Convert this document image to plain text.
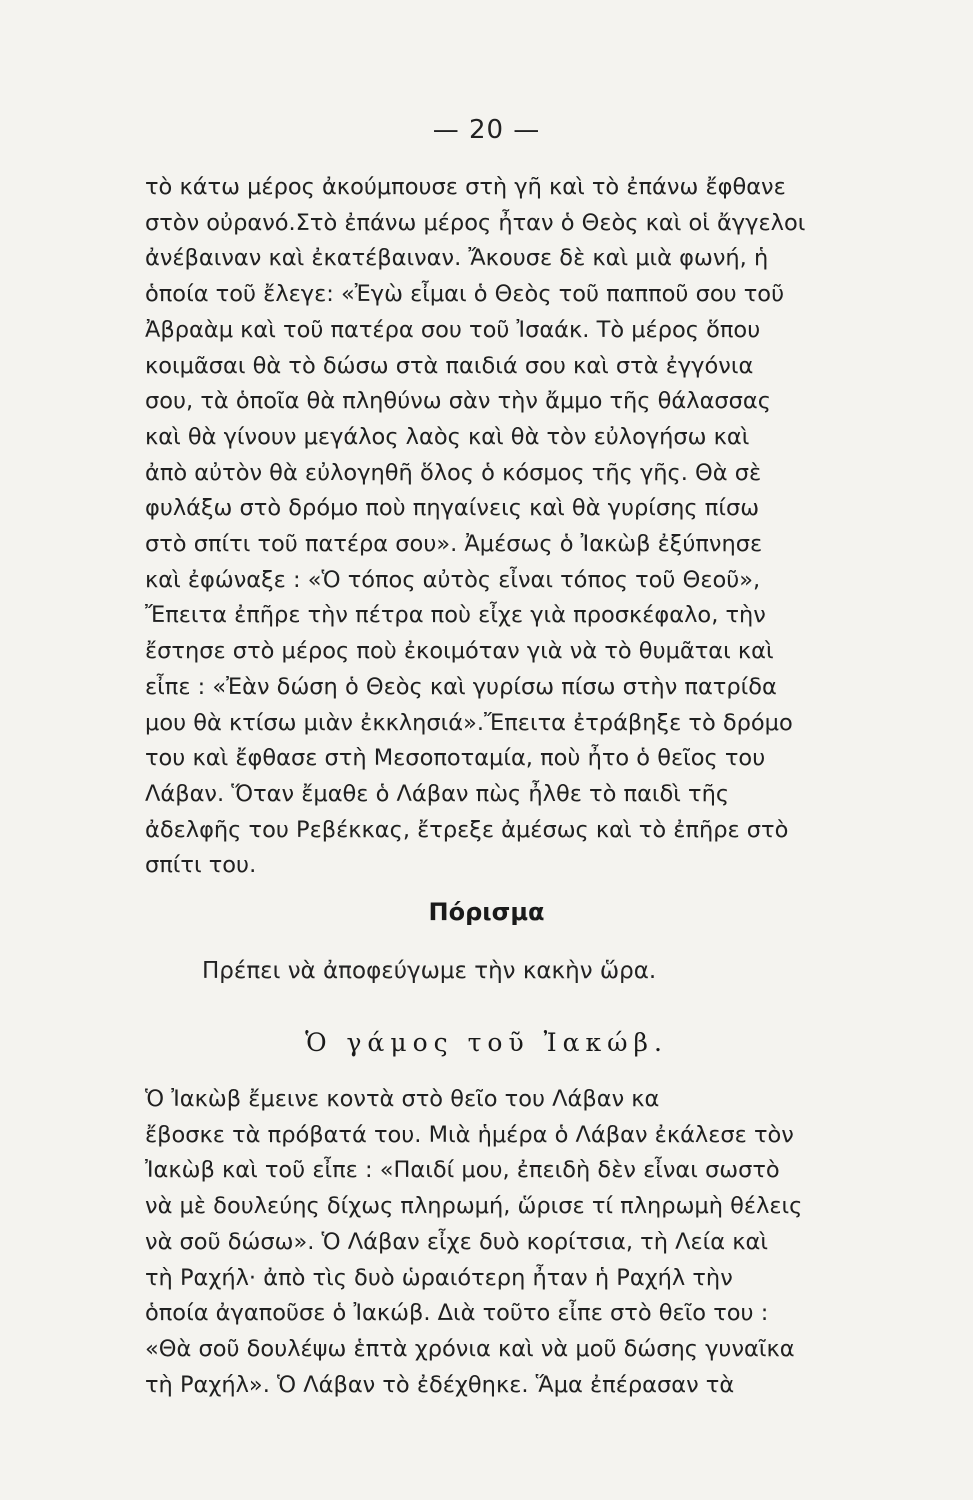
— 20 —

τὸ κάτω μέρος ἀκούμπουσε στὴ γῆ καὶ τὸ ἐπάνω ἔφθανε
στὸν οὐρανό.Στὸ ἐπάνω μέρος ἦταν ὁ Θεὸς καὶ οἱ ἄγγελοι
ἀνέβαιναν καὶ ἐκατέβαιναν. Ἄκουσε δὲ καὶ μιὰ φωνή, ἡ
ὁποία τοῦ ἔλεγε: «Ἐγὼ εἶμαι ὁ Θεὸς τοῦ παπποῦ σου τοῦ
Ἀβραὰμ καὶ τοῦ πατέρα σου τοῦ Ἰσαάκ. Τὸ μέρος ὅπου
κοιμᾶσαι θὰ τὸ δώσω στὰ παιδιά σου καὶ στὰ ἐγγόνια
σου, τὰ ὁποῖα θὰ πληθύνω σὰν τὴν ἄμμο τῆς θάλασσας
καὶ θὰ γίνουν μεγάλος λαὸς καὶ θὰ τὸν εὐλογήσω καὶ
ἀπὸ αὐτὸν θὰ εὐλογηθῆ ὅλος ὁ κόσμος τῆς γῆς. Θὰ σὲ
φυλάξω στὸ δρόμο ποὺ πηγαίνεις καὶ θὰ γυρίσης πίσω
στὸ σπίτι τοῦ πατέρα σου». Ἀμέσως ὁ Ἰακὼβ ἐξύπνησε
καὶ ἐφώναξε : «Ὁ τόπος αὐτὸς εἶναι τόπος τοῦ Θεοῦ»,
Ἔπειτα ἐπῆρε τὴν πέτρα ποὺ εἶχε γιὰ προσκέφαλο, τὴν
ἔστησε στὸ μέρος ποὺ ἐκοιμόταν γιὰ νὰ τὸ θυμᾶται καὶ
εἶπε : «Ἐὰν δώση ὁ Θεὸς καὶ γυρίσω πίσω στὴν πατρίδα
μου θὰ κτίσω μιὰν ἐκκλησιά».Ἔπειτα ἐτράβηξε τὸ δρόμο
του καὶ ἔφθασε στὴ Μεσοποταμία, ποὺ ἦτο ὁ θεῖος του
Λάβαν. Ὅταν ἔμαθε ὁ Λάβαν πὼς ἦλθε τὸ παιδὶ τῆς
ἀδελφῆς του Ρεβέκκας, ἔτρεξε ἀμέσως καὶ τὸ ἐπῆρε στὸ
σπίτι του.

Πόρισμα
Πρέπει νὰ ἀποφεύγωμε τὴν κακὴν ὥρα.
Ὁ γάμος τοῦ Ἰακώβ.

Ὁ Ἰακὼβ ἔμεινε κοντὰ στὸ θεῖο του Λάβαν κα
ἔβοσκε τὰ πρόβατά του. Μιὰ ἡμέρα ὁ Λάβαν ἐκάλεσε τὸν
Ἰακὼβ καὶ τοῦ εἶπε : «Παιδί μου, ἐπειδὴ δὲν εἶναι σωστὸ
νὰ μὲ δουλεύης δίχως πληρωμή, ὥρισε τί πληρωμὴ θέλεις
νὰ σοῦ δώσω». Ὁ Λάβαν εἶχε δυὸ κορίτσια, τὴ Λεία καὶ
τὴ Ραχήλ· ἀπὸ τὶς δυὸ ὡραιότερη ἦταν ἡ Ραχήλ τὴν
ὁποία ἀγαποῦσε ὁ Ἰακώβ. Διὰ τοῦτο εἶπε στὸ θεῖο του :
«Θὰ σοῦ δουλέψω ἑπτὰ χρόνια καὶ νὰ μοῦ δώσης γυναῖκα
τὴ Ραχήλ». Ὁ Λάβαν τὸ ἐδέχθηκε. Ἅμα ἐπέρασαν τὰ
